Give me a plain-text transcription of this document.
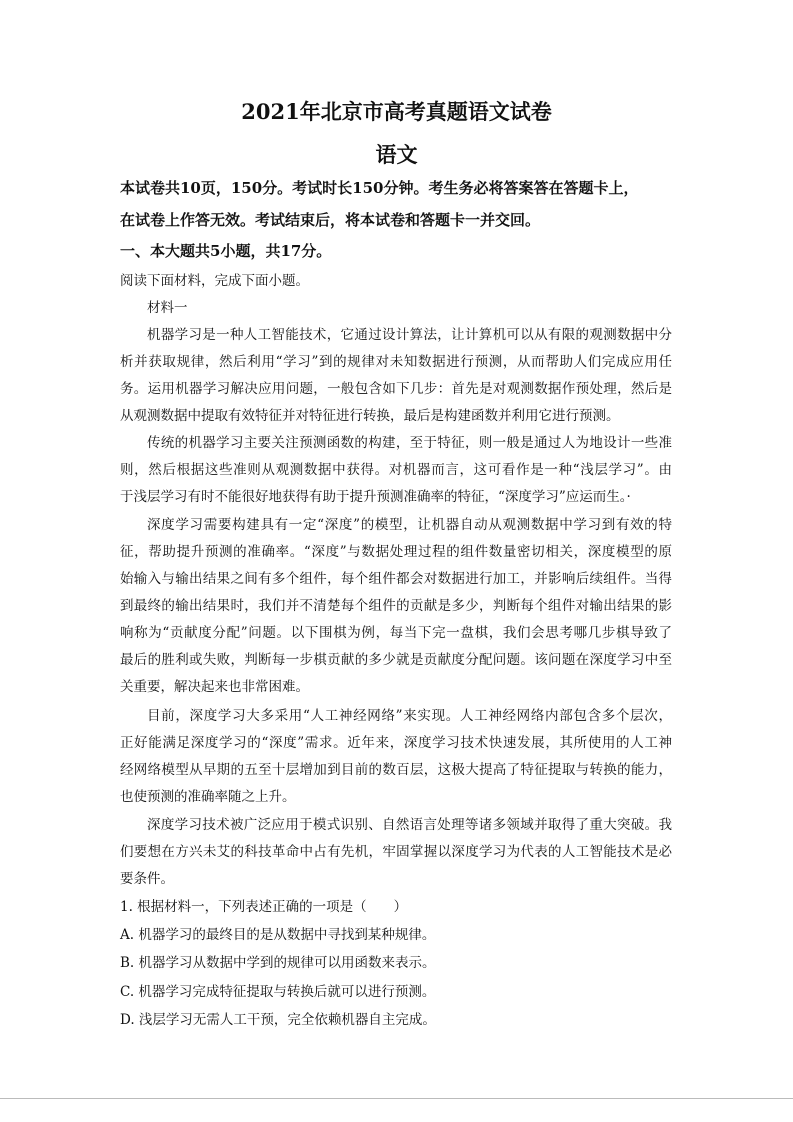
2021年北京市高考真题语文试卷
语文
本试卷共10页，150分。考试时长150分钟。考生务必将答案答在答题卡上，
在试卷上作答无效。考试结束后，将本试卷和答题卡一并交回。
一、本大题共5小题，共17分。
阅读下面材料，完成下面小题。
材料一
机器学习是一种人工智能技术，它通过设计算法，让计算机可以从有限的观测数据中分
析并获取规律，然后利用“学习”到的规律对未知数据进行预测，从而帮助人们完成应用任
务。运用机器学习解决应用问题，一般包含如下几步：首先是对观测数据作预处理，然后是
从观测数据中提取有效特征并对特征进行转换，最后是构建函数并利用它进行预测。
传统的机器学习主要关注预测函数的构建，至于特征，则一般是通过人为地设计一些准
则，然后根据这些准则从观测数据中获得。对机器而言，这可看作是一种“浅层学习”。由
于浅层学习有时不能很好地获得有助于提升预测准确率的特征，“深度学习”应运而生。·
深度学习需要构建具有一定“深度”的模型，让机器自动从观测数据中学习到有效的特
征，帮助提升预测的准确率。“深度”与数据处理过程的组件数量密切相关，深度模型的原
始输入与输出结果之间有多个组件，每个组件都会对数据进行加工，并影响后续组件。当得
到最终的输出结果时，我们并不清楚每个组件的贡献是多少，判断每个组件对输出结果的影
响称为“贡献度分配”问题。以下围棋为例，每当下完一盘棋，我们会思考哪几步棋导致了
最后的胜利或失败，判断每一步棋贡献的多少就是贡献度分配问题。该问题在深度学习中至
关重要，解决起来也非常困难。
目前，深度学习大多采用“人工神经网络”来实现。人工神经网络内部包含多个层次，
正好能满足深度学习的“深度”需求。近年来，深度学习技术快速发展，其所使用的人工神
经网络模型从早期的五至十层增加到目前的数百层，这极大提高了特征提取与转换的能力，
也使预测的准确率随之上升。
深度学习技术被广泛应用于模式识别、自然语言处理等诸多领域并取得了重大突破。我
们要想在方兴未艾的科技革命中占有先机，牢固掌握以深度学习为代表的人工智能技术是必
要条件。
1. 根据材料一，下列表述正确的一项是（　　）
A. 机器学习的最终目的是从数据中寻找到某种规律。
B. 机器学习从数据中学到的规律可以用函数来表示。
C. 机器学习完成特征提取与转换后就可以进行预测。
D. 浅层学习无需人工干预，完全依赖机器自主完成。
